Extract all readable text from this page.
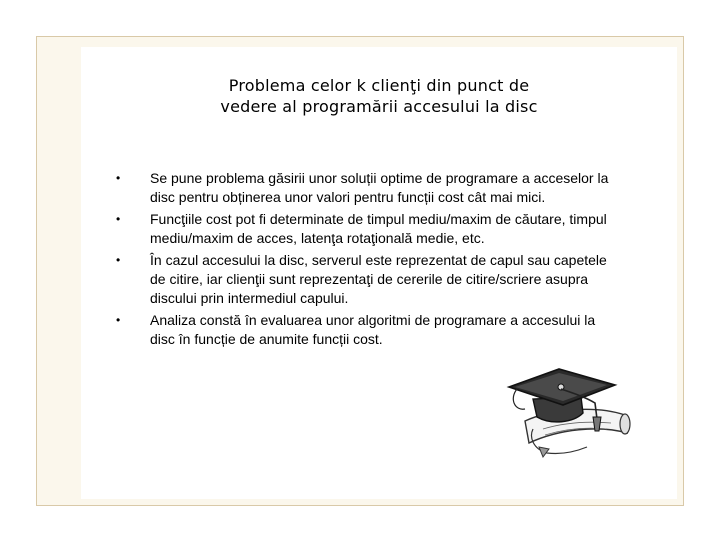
Problema celor k clienţi din punct de
vedere al programării accesului la disc
• Se pune problema găsirii unor soluții optime de programare a acceselor la disc pentru obținerea unor valori pentru funcții cost cât mai mici.
• Funcţiile cost pot fi determinate de timpul mediu/maxim de căutare, timpul mediu/maxim de acces, latenţa rotaţională medie, etc.
• În cazul accesului la disc, serverul este reprezentat de capul sau capetele de citire, iar clienţii sunt reprezentaţi de cererile de citire/scriere asupra discului prin intermediul capului.
• Analiza constă în evaluarea unor algoritmi de programare a accesului la disc în funcție de anumite funcții cost.
